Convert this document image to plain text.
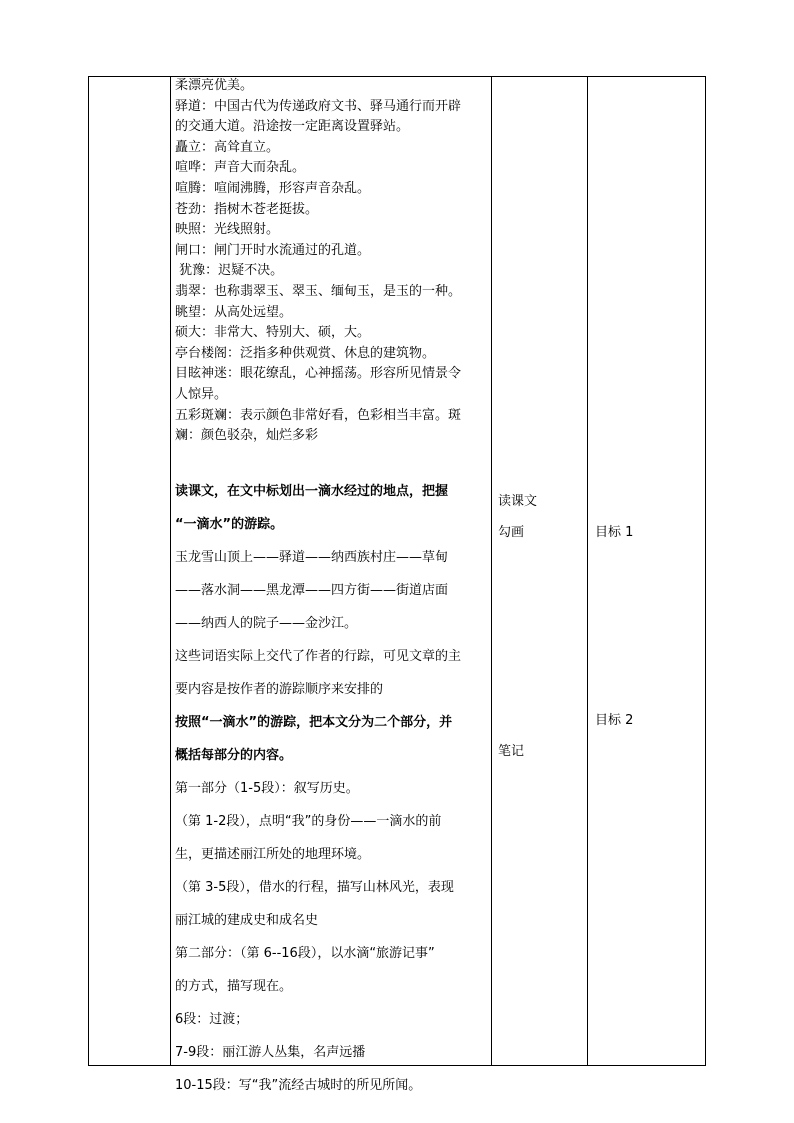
柔漂亮优美。

驿道：中国古代为传递政府文书、驿马通行而开辟

的交通大道。沿途按一定距离设置驿站。

矗立：高耸直立。

喧哗：声音大而杂乱。

喧腾：喧闹沸腾，形容声音杂乱。

苍劲：指树木苍老挺拔。

映照：光线照射。

闸口：闸门开时水流通过的孔道。

犹豫：迟疑不决。

翡翠：也称翡翠玉、翠玉、缅甸玉，是玉的一种。

眺望：从高处远望。

硕大：非常大、特别大、硕，大。

亭台楼阁：泛指多种供观赏、休息的建筑物。

目眩神迷：眼花缭乱，心神摇荡。形容所见情景令

人惊异。

五彩斑斓：表示颜色非常好看，色彩相当丰富。斑

斓：颜色驳杂，灿烂多彩

读课文，在文中标划出一滴水经过的地点，把握

“一滴水”的游踪。

玉龙雪山顶上——驿道——纳西族村庄——草甸

——落水洞——黑龙潭——四方街——街道店面

——纳西人的院子——金沙江。

这些词语实际上交代了作者的行踪，可见文章的主

要内容是按作者的游踪顺序来安排的

按照“一滴水”的游踪，把本文分为二个部分，并

概括每部分的内容。

第一部分（1-5段）：叙写历史。

（第 1-2段），点明“我”的身份——一滴水的前

生，更描述丽江所处的地理环境。

（第 3-5段），借水的行程，描写山林风光，表现

丽江城的建成史和成名史

第二部分：（第 6--16段），以水滴“旅游记事”

的方式，描写现在。

6段：过渡；

7-9段：丽江游人丛集，名声远播

10-15段：写“我”流经古城时的所见所闻。

读课文
勾画
笔记
目标 1
目标 2
